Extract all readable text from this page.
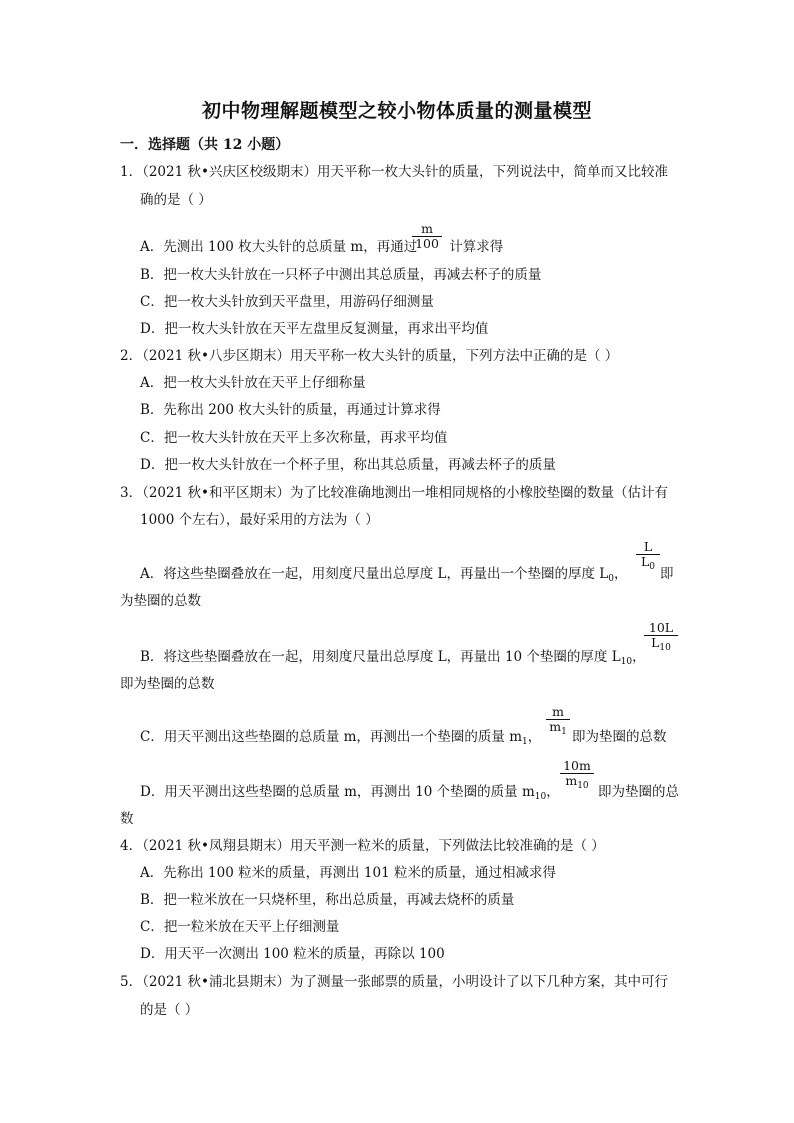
初中物理解题模型之较小物体质量的测量模型
一．选择题（共 12 小题）
1．（2021 秋•兴庆区校级期末）用天平称一枚大头针的质量，下列说法中，简单而又比较准
确的是（ ）
A．先测出 100 枚大头针的总质量 m，再通过 计算求得
$\frac{m}{100}$
B．把一枚大头针放在一只杯子中测出其总质量，再减去杯子的质量
C．把一枚大头针放到天平盘里，用游码仔细测量
D．把一枚大头针放在天平左盘里反复测量，再求出平均值
2．（2021 秋•八步区期末）用天平称一枚大头针的质量，下列方法中正确的是（ ）
A．把一枚大头针放在天平上仔细称量
B．先称出 200 枚大头针的质量，再通过计算求得
C．把一枚大头针放在天平上多次称量，再求平均值
D．把一枚大头针放在一个杯子里，称出其总质量，再减去杯子的质量
3．（2021 秋•和平区期末）为了比较准确地测出一堆相同规格的小橡胶垫圈的数量（估计有
1000 个左右），最好采用的方法为（ ）
A．将这些垫圈叠放在一起，用刻度尺量出总厚度 L，再量出一个垫圈的厚度 $L_0$， $\frac{L}{L_0}$ 即
为垫圈的总数
B．将这些垫圈叠放在一起，用刻度尺量出总厚度 L，再量出 10 个垫圈的厚度 $L_{10}$，
$\frac{10L}{L_{10}}$
即为垫圈的总数
C．用天平测出这些垫圈的总质量 m，再测出一个垫圈的质量 $m_1$， $\frac{m}{m_1}$ 即为垫圈的总数
D．用天平测出这些垫圈的总质量 m，再测出 10 个垫圈的质量 $m_{10}$， $\frac{10m}{m_{10}}$ 即为垫圈的总
数
4．（2021 秋•凤翔县期末）用天平测一粒米的质量，下列做法比较准确的是（ ）
A．先称出 100 粒米的质量，再测出 101 粒米的质量，通过相减求得
B．把一粒米放在一只烧杯里，称出总质量，再减去烧杯的质量
C．把一粒米放在天平上仔细测量
D．用天平一次测出 100 粒米的质量，再除以 100
5．（2021 秋•浦北县期末）为了测量一张邮票的质量，小明设计了以下几种方案，其中可行
的是（ ）
